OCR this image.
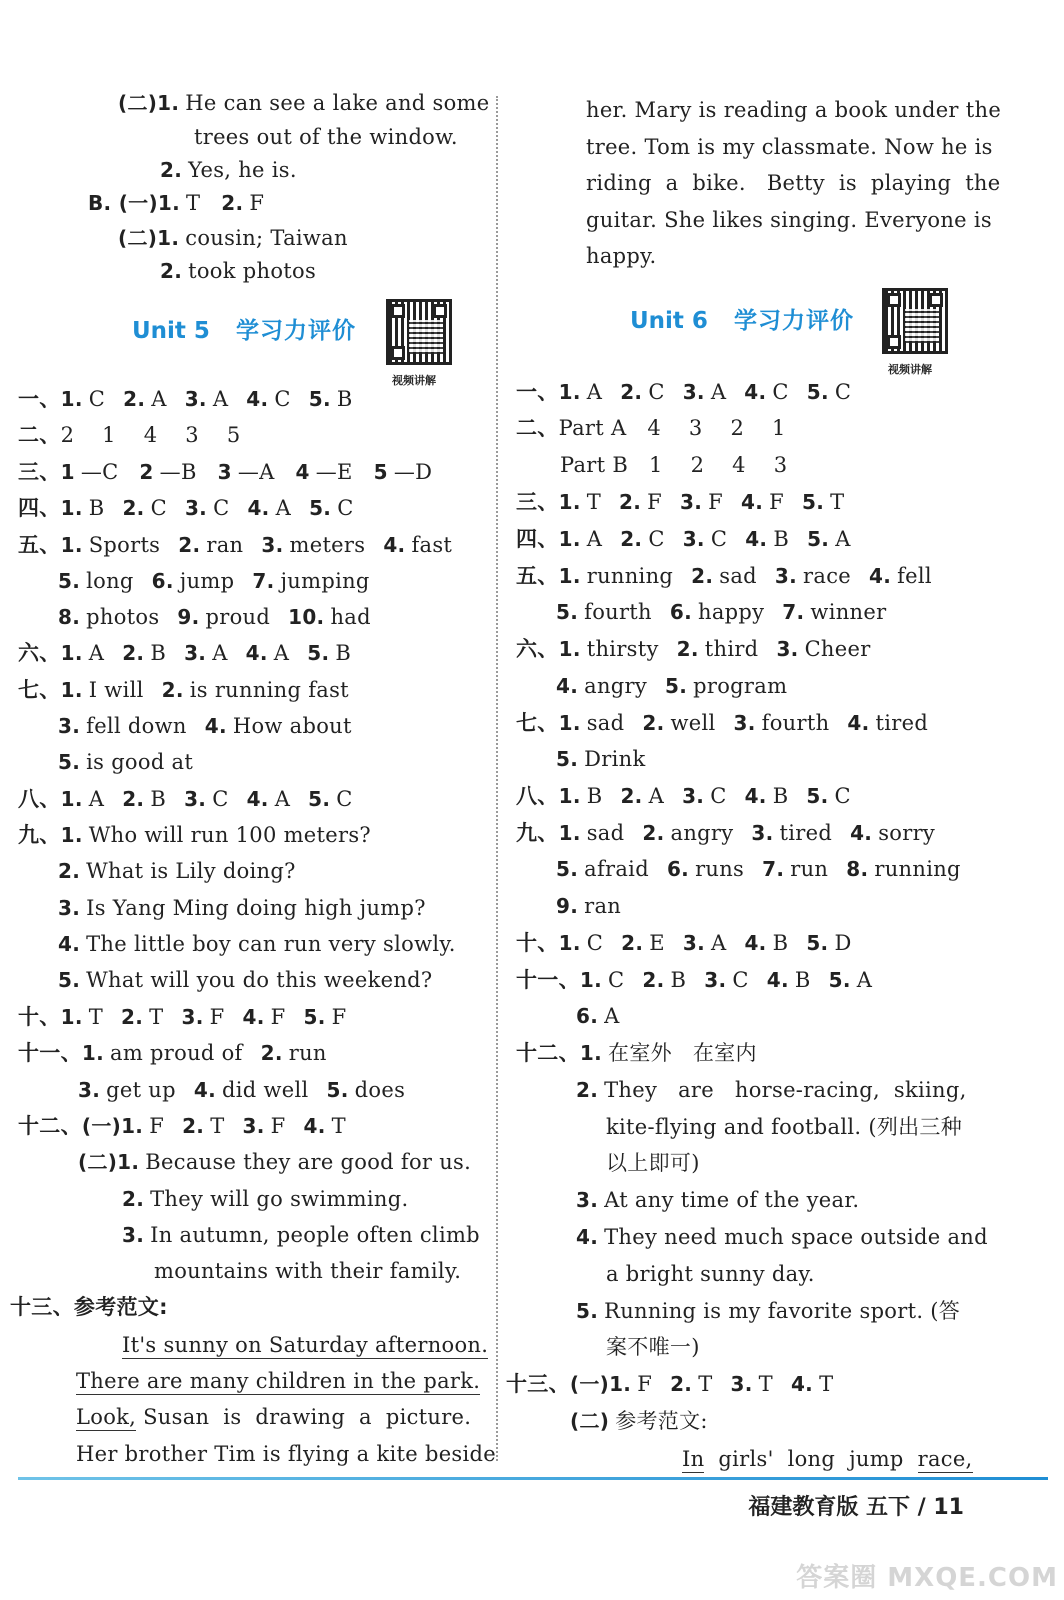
(二)1. He can see a lake and some
trees out of the window.
2. Yes, he is.
B. (一)1. T   2. F
(二)1. cousin; Taiwan
2. took photos
Unit 5 学习力评价
视频讲解
一、1. C 2. A 3. A 4. C 5. B
二、2    1    4    3    5
三、1 —C   2 —B   3 —A   4 —E   5 —D
四、1. B 2. C 3. C 4. A 5. C
五、1. Sports 2. ran 3. meters 4. fast
5. long 6. jump 7. jumping
8. photos 9. proud 10. had
六、1. A 2. B 3. A 4. A 5. B
七、1. I will 2. is running fast
3. fell down 4. How about
5. is good at
八、1. A 2. B 3. C 4. A 5. C
九、1. Who will run 100 meters?
2. What is Lily doing?
3. Is Yang Ming doing high jump?
4. The little boy can run very slowly.
5. What will you do this weekend?
十、1. T 2. T 3. F 4. F 5. F
十一、1. am proud of 2. run
3. get up 4. did well 5. does
十二、(一)1. F 2. T 3. F 4. T
(二)1. Because they are good for us.
2. They will go swimming.
3. In autumn, people often climb
mountains with their family.
十三、参考范文:
It's sunny on Saturday afternoon.
There are many children in the park.
Look, Susan  is  drawing  a  picture.
Her brother Tim is flying a kite beside
her. Mary is reading a book under the
tree. Tom is my classmate. Now he is
riding  a  bike.   Betty  is  playing  the
guitar. She likes singing. Everyone is
happy.
Unit 6 学习力评价
视频讲解
一、1. A 2. C 3. A 4. C 5. C
二、Part A   4    3    2    1
Part B   1    2    4    3
三、1. T 2. F 3. F 4. F 5. T
四、1. A 2. C 3. C 4. B 5. A
五、1. running 2. sad 3. race 4. fell
5. fourth 6. happy 7. winner
六、1. thirsty 2. third 3. Cheer
4. angry 5. program
七、1. sad 2. well 3. fourth 4. tired
5. Drink
八、1. B 2. A 3. C 4. B 5. C
九、1. sad 2. angry 3. tired 4. sorry
5. afraid 6. runs 7. run 8. running
9. ran
十、1. C 2. E 3. A 4. B 5. D
十一、1. C 2. B 3. C 4. B 5. A
6. A
十二、1. 在室外   在室内
2. They   are   horse-racing,  skiing,
kite-flying and football. (列出三种
以上即可)
3. At any time of the year.
4. They need much space outside and
a bright sunny day.
5. Running is my favorite sport. (答
案不唯一)
十三、(一)1. F 2. T 3. T 4. T
(二) 参考范文:
In  girls'  long  jump  race,
福建教育版 五下 / 11
答案圈 MXQE.COM
